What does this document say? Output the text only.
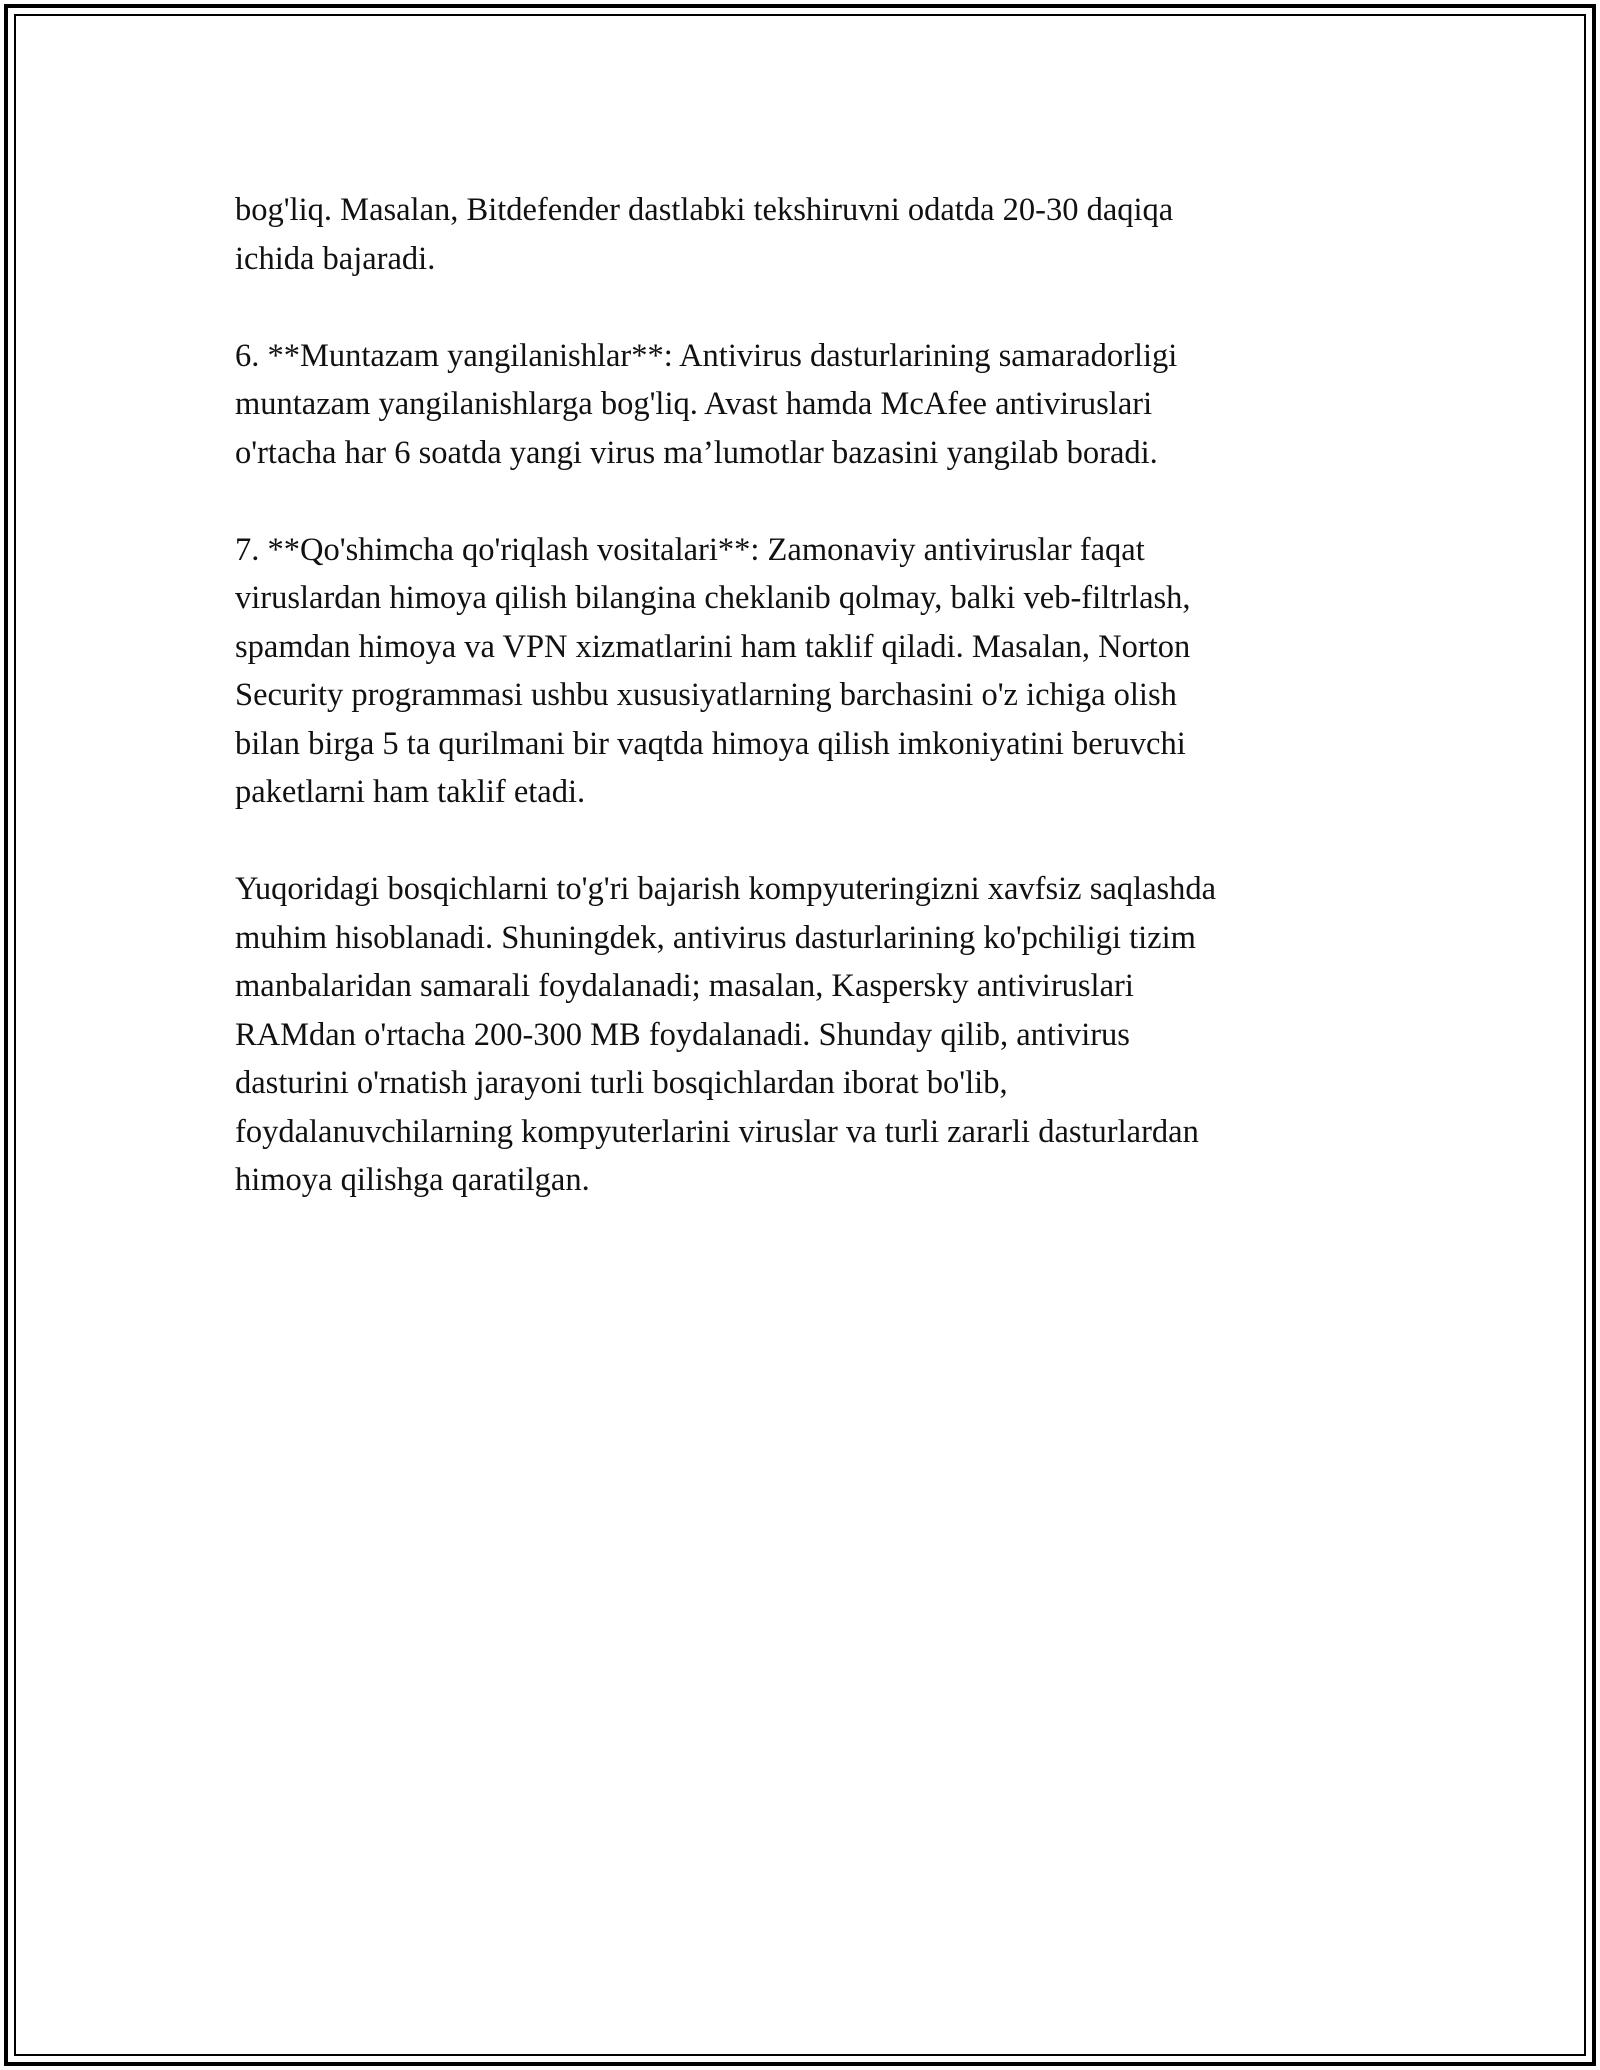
bog'liq. Masalan, Bitdefender dastlabki tekshiruvni odatda 20-30 daqiqa
ichida bajaradi.
6. **Muntazam yangilanishlar**: Antivirus dasturlarining samaradorligi
muntazam yangilanishlarga bog'liq. Avast hamda McAfee antiviruslari
o'rtacha har 6 soatda yangi virus ma’lumotlar bazasini yangilab boradi.
7. **Qo'shimcha qo'riqlash vositalari**: Zamonaviy antiviruslar faqat
viruslardan himoya qilish bilangina cheklanib qolmay, balki veb-filtrlash,
spamdan himoya va VPN xizmatlarini ham taklif qiladi. Masalan, Norton
Security programmasi ushbu xususiyatlarning barchasini o'z ichiga olish
bilan birga 5 ta qurilmani bir vaqtda himoya qilish imkoniyatini beruvchi
paketlarni ham taklif etadi.
Yuqoridagi bosqichlarni to'g'ri bajarish kompyuteringizni xavfsiz saqlashda
muhim hisoblanadi. Shuningdek, antivirus dasturlarining ko'pchiligi tizim
manbalaridan samarali foydalanadi; masalan, Kaspersky antiviruslari
RAMdan o'rtacha 200-300 MB foydalanadi. Shunday qilib, antivirus
dasturini o'rnatish jarayoni turli bosqichlardan iborat bo'lib,
foydalanuvchilarning kompyuterlarini viruslar va turli zararli dasturlardan
himoya qilishga qaratilgan.
